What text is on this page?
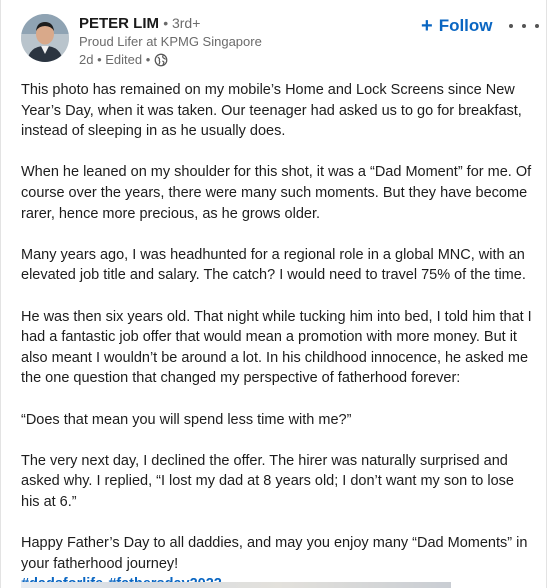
PETER LIM • 3rd+
Proud Lifer at KPMG Singapore
2d • Edited •
+ Follow

This photo has remained on my mobile’s Home and Lock Screens since New Year’s Day, when it was taken. Our teenager had asked us to go for breakfast, instead of sleeping in as he usually does.

When he leaned on my shoulder for this shot, it was a “Dad Moment” for me. Of course over the years, there were many such moments. But they have become rarer, hence more precious, as he grows older.

Many years ago, I was headhunted for a regional role in a global MNC, with an elevated job title and salary. The catch? I would need to travel 75% of the time.

He was then six years old. That night while tucking him into bed, I told him that I had a fantastic job offer that would mean a promotion with more money. But it also meant I wouldn’t be around a lot. In his childhood innocence, he asked me the one question that changed my perspective of fatherhood forever:

“Does that mean you will spend less time with me?”

The very next day, I declined the offer. The hirer was naturally surprised and asked why. I replied, “I lost my dad at 8 years old; I don’t want my son to lose his at 6.”

Happy Father’s Day to all daddies, and may you enjoy many “Dad Moments” in your fatherhood journey!
